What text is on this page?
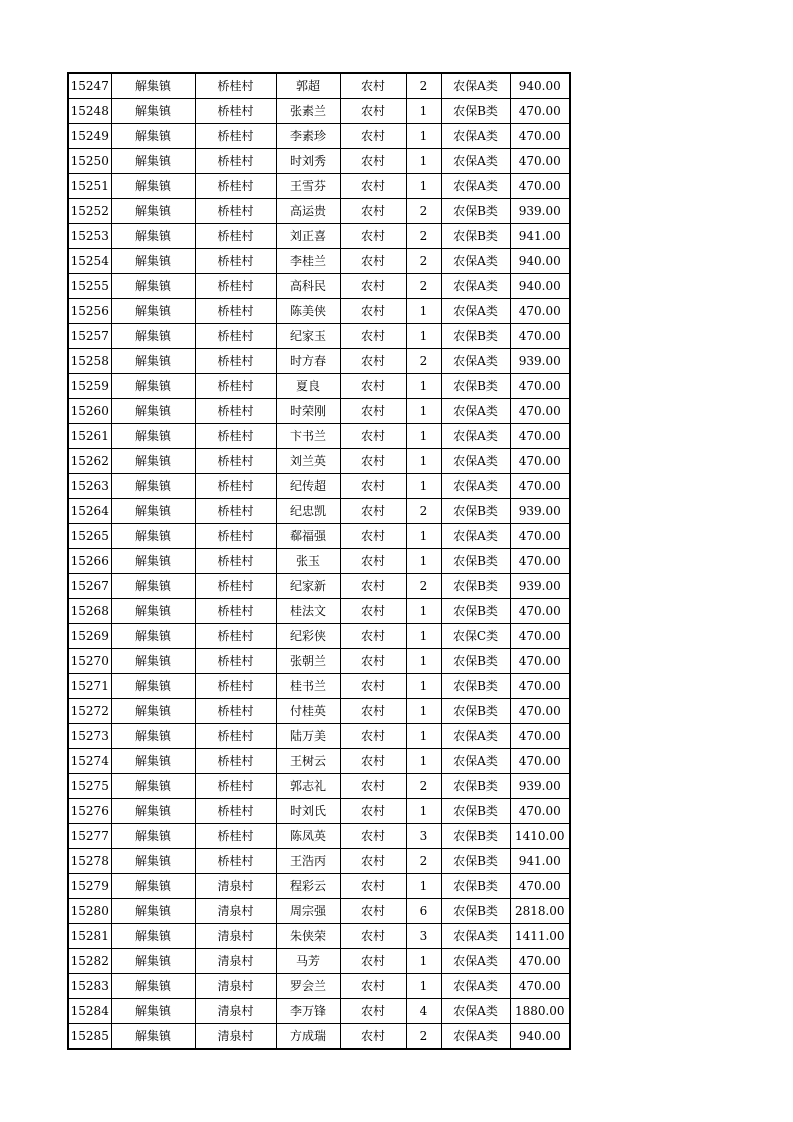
15247	解集镇	桥桂村	郭超	农村	2	农保A类	940.00
15248	解集镇	桥桂村	张素兰	农村	1	农保B类	470.00
15249	解集镇	桥桂村	李素珍	农村	1	农保A类	470.00
15250	解集镇	桥桂村	时刘秀	农村	1	农保A类	470.00
15251	解集镇	桥桂村	王雪芬	农村	1	农保A类	470.00
15252	解集镇	桥桂村	高运贵	农村	2	农保B类	939.00
15253	解集镇	桥桂村	刘正喜	农村	2	农保B类	941.00
15254	解集镇	桥桂村	李桂兰	农村	2	农保A类	940.00
15255	解集镇	桥桂村	高科民	农村	2	农保A类	940.00
15256	解集镇	桥桂村	陈美侠	农村	1	农保A类	470.00
15257	解集镇	桥桂村	纪家玉	农村	1	农保B类	470.00
15258	解集镇	桥桂村	时方春	农村	2	农保A类	939.00
15259	解集镇	桥桂村	夏良	农村	1	农保B类	470.00
15260	解集镇	桥桂村	时荣刚	农村	1	农保A类	470.00
15261	解集镇	桥桂村	卞书兰	农村	1	农保A类	470.00
15262	解集镇	桥桂村	刘兰英	农村	1	农保A类	470.00
15263	解集镇	桥桂村	纪传超	农村	1	农保A类	470.00
15264	解集镇	桥桂村	纪忠凯	农村	2	农保B类	939.00
15265	解集镇	桥桂村	郗福强	农村	1	农保A类	470.00
15266	解集镇	桥桂村	张玉	农村	1	农保B类	470.00
15267	解集镇	桥桂村	纪家新	农村	2	农保B类	939.00
15268	解集镇	桥桂村	桂法文	农村	1	农保B类	470.00
15269	解集镇	桥桂村	纪彩侠	农村	1	农保C类	470.00
15270	解集镇	桥桂村	张朝兰	农村	1	农保B类	470.00
15271	解集镇	桥桂村	桂书兰	农村	1	农保B类	470.00
15272	解集镇	桥桂村	付桂英	农村	1	农保B类	470.00
15273	解集镇	桥桂村	陆万美	农村	1	农保A类	470.00
15274	解集镇	桥桂村	王树云	农村	1	农保A类	470.00
15275	解集镇	桥桂村	郭志礼	农村	2	农保B类	939.00
15276	解集镇	桥桂村	时刘氏	农村	1	农保B类	470.00
15277	解集镇	桥桂村	陈凤英	农村	3	农保B类	1410.00
15278	解集镇	桥桂村	王浩丙	农村	2	农保B类	941.00
15279	解集镇	清泉村	程彩云	农村	1	农保B类	470.00
15280	解集镇	清泉村	周宗强	农村	6	农保B类	2818.00
15281	解集镇	清泉村	朱侠荣	农村	3	农保A类	1411.00
15282	解集镇	清泉村	马芳	农村	1	农保A类	470.00
15283	解集镇	清泉村	罗会兰	农村	1	农保A类	470.00
15284	解集镇	清泉村	李万锋	农村	4	农保A类	1880.00
15285	解集镇	清泉村	方成瑞	农村	2	农保A类	940.00
